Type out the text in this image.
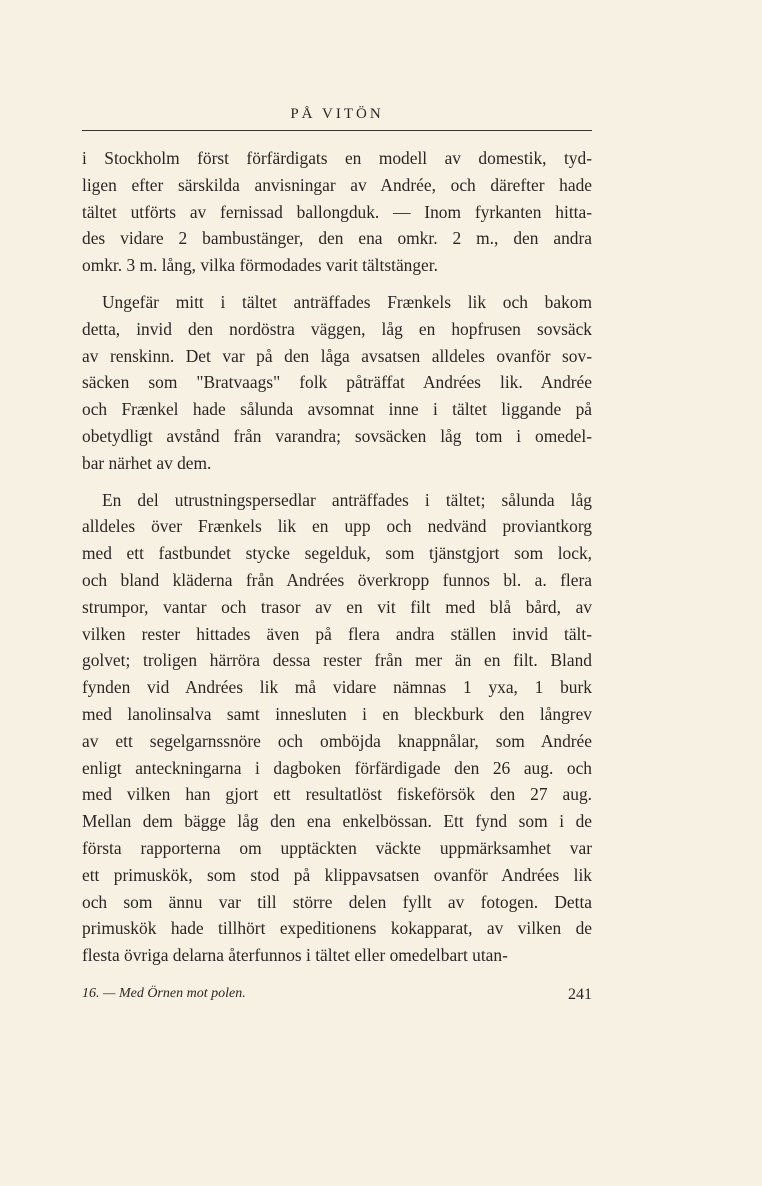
PÅ VITÖN

i Stockholm först förfärdigats en modell av domestik, tyd-
ligen efter särskilda anvisningar av Andrée, och därefter hade
tältet utförts av fernissad ballongduk. — Inom fyrkanten hitta-
des vidare 2 bambustänger, den ena omkr. 2 m., den andra
omkr. 3 m. lång, vilka förmodades varit tältstänger.

Ungefär mitt i tältet anträffades Frænkels lik och bakom
detta, invid den nordöstra väggen, låg en hopfrusen sovsäck
av renskinn. Det var på den låga avsatsen alldeles ovanför sov-
säcken som "Bratvaags" folk påträffat Andrées lik. Andrée
och Frænkel hade sålunda avsomnat inne i tältet liggande på
obetydligt avstånd från varandra; sovsäcken låg tom i omedel-
bar närhet av dem.

En del utrustningspersedlar anträffades i tältet; sålunda låg
alldeles över Frænkels lik en upp och nedvänd proviantkorg
med ett fastbundet stycke segelduk, som tjänstgjort som lock,
och bland kläderna från Andrées överkropp funnos bl. a. flera
strumpor, vantar och trasor av en vit filt med blå bård, av
vilken rester hittades även på flera andra ställen invid tält-
golvet; troligen härröra dessa rester från mer än en filt. Bland
fynden vid Andrées lik må vidare nämnas 1 yxa, 1 burk
med lanolinsalva samt innesluten i en bleckburk den långrev
av ett segelgarnssnöre och omböjda knappnålar, som Andrée
enligt anteckningarna i dagboken förfärdigade den 26 aug. och
med vilken han gjort ett resultatlöst fiskeförsök den 27 aug.
Mellan dem bägge låg den ena enkelbössan. Ett fynd som i de
första rapporterna om upptäckten väckte uppmärksamhet var
ett primuskök, som stod på klippavsatsen ovanför Andrées lik
och som ännu var till större delen fyllt av fotogen. Detta
primuskök hade tillhört expeditionens kokapparat, av vilken de
flesta övriga delarna återfunnos i tältet eller omedelbart utan-

16. — Med Örnen mot polen.	241
